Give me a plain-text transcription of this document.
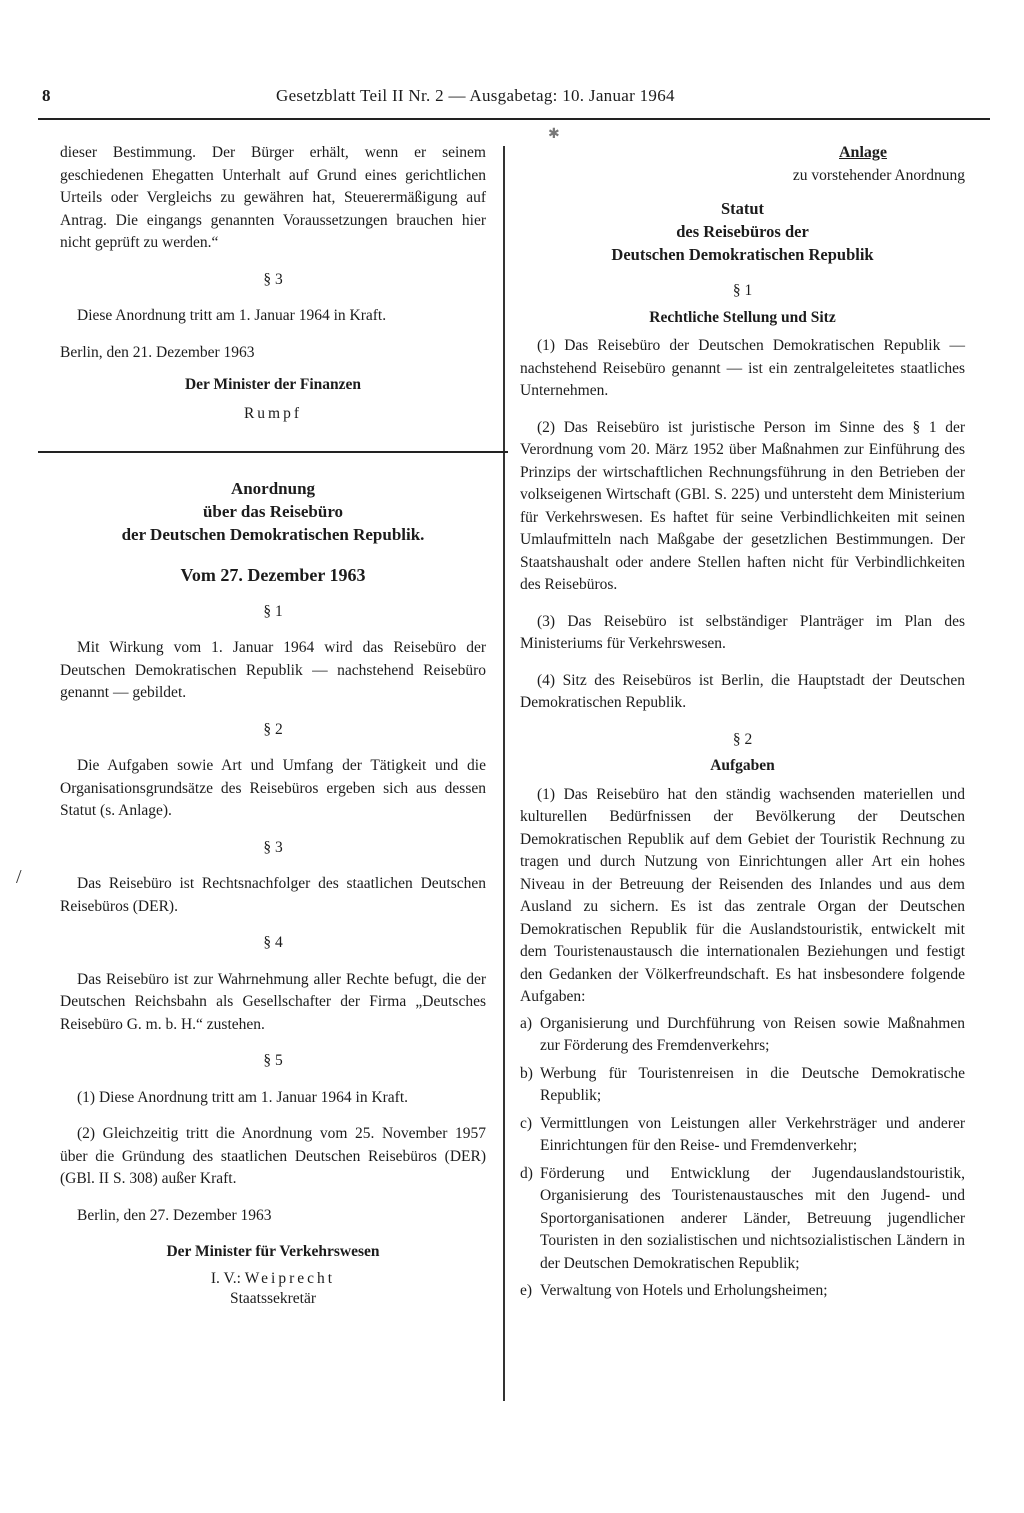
8	Gesetzblatt Teil II Nr. 2 — Ausgabetag: 10. Januar 1964

dieser Bestimmung. Der Bürger erhält, wenn er seinem geschiedenen Ehegatten Unterhalt auf Grund eines gerichtlichen Urteils oder Vergleichs zu gewähren hat, Steuerermäßigung auf Antrag. Die eingangs genannten Voraussetzungen brauchen hier nicht geprüft zu werden.“

§ 3

Diese Anordnung tritt am 1. Januar 1964 in Kraft.

Berlin, den 21. Dezember 1963

Der Minister der Finanzen

Rumpf

Anordnung
über das Reisebüro
der Deutschen Demokratischen Republik.
Vom 27. Dezember 1963

§ 1

Mit Wirkung vom 1. Januar 1964 wird das Reisebüro der Deutschen Demokratischen Republik — nachstehend Reisebüro genannt — gebildet.

§ 2

Die Aufgaben sowie Art und Umfang der Tätigkeit und die Organisationsgrundsätze des Reisebüros ergeben sich aus dessen Statut (s. Anlage).

§ 3

Das Reisebüro ist Rechtsnachfolger des staatlichen Deutschen Reisebüros (DER).

§ 4

Das Reisebüro ist zur Wahrnehmung aller Rechte befugt, die der Deutschen Reichsbahn als Gesellschafter der Firma „Deutsches Reisebüro G. m. b. H.“ zustehen.

§ 5

(1) Diese Anordnung tritt am 1. Januar 1964 in Kraft.

(2) Gleichzeitig tritt die Anordnung vom 25. November 1957 über die Gründung des staatlichen Deutschen Reisebüros (DER) (GBl. II S. 308) außer Kraft.

Berlin, den 27. Dezember 1963

Der Minister für Verkehrswesen

I. V.: Weiprecht

Staatssekretär

Anlage
zu vorstehender Anordnung
Statut
des Reisebüros der
Deutschen Demokratischen Republik

§ 1

Rechtliche Stellung und Sitz

(1) Das Reisebüro der Deutschen Demokratischen Republik — nachstehend Reisebüro genannt — ist ein zentralgeleitetes staatliches Unternehmen.

(2) Das Reisebüro ist juristische Person im Sinne des § 1 der Verordnung vom 20. März 1952 über Maßnahmen zur Einführung des Prinzips der wirtschaftlichen Rechnungsführung in den Betrieben der volkseigenen Wirtschaft (GBl. S. 225) und untersteht dem Ministerium für Verkehrswesen. Es haftet für seine Verbindlichkeiten mit seinen Umlaufmitteln nach Maßgabe der gesetzlichen Bestimmungen. Der Staatshaushalt oder andere Stellen haften nicht für Verbindlichkeiten des Reisebüros.

(3) Das Reisebüro ist selbständiger Planträger im Plan des Ministeriums für Verkehrswesen.

(4) Sitz des Reisebüros ist Berlin, die Hauptstadt der Deutschen Demokratischen Republik.

§ 2

Aufgaben

(1) Das Reisebüro hat den ständig wachsenden materiellen und kulturellen Bedürfnissen der Bevölkerung der Deutschen Demokratischen Republik auf dem Gebiet der Touristik Rechnung zu tragen und durch Nutzung von Einrichtungen aller Art ein hohes Niveau in der Betreuung der Reisenden des Inlandes und aus dem Ausland zu sichern. Es ist das zentrale Organ der Deutschen Demokratischen Republik für die Auslandstouristik, entwickelt mit dem Touristenaustausch die internationalen Beziehungen und festigt den Gedanken der Völkerfreundschaft. Es hat insbesondere folgende Aufgaben:

a) Organisierung und Durchführung von Reisen sowie Maßnahmen zur Förderung des Fremdenverkehrs;
b) Werbung für Touristenreisen in die Deutsche Demokratische Republik;
c) Vermittlungen von Leistungen aller Verkehrsträger und anderer Einrichtungen für den Reise- und Fremdenverkehr;
d) Förderung und Entwicklung der Jugendauslandstouristik, Organisierung des Touristenaustausches mit den Jugend- und Sportorganisationen anderer Länder, Betreuung jugendlicher Touristen in den sozialistischen und nichtsozialistischen Ländern in der Deutschen Demokratischen Republik;
e) Verwaltung von Hotels und Erholungsheimen;
✱
/
